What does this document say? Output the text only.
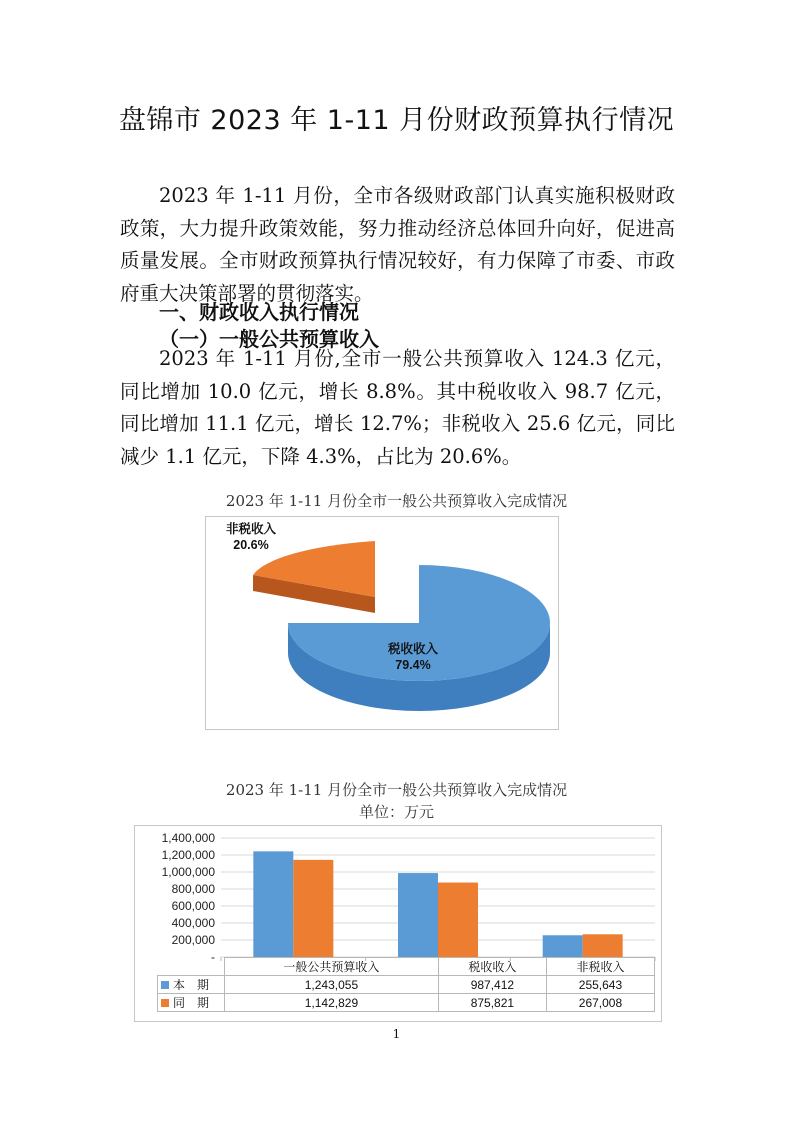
盘锦市 2023 年 1-11 月份财政预算执行情况

2023 年 1-11 月份，全市各级财政部门认真实施积极财政政策，大力提升政策效能，努力推动经济总体回升向好，促进高质量发展。全市财政预算执行情况较好，有力保障了市委、市政府重大决策部署的贯彻落实。

一、财政收入执行情况
（一）一般公共预算收入

2023 年 1-11 月份,全市一般公共预算收入 124.3 亿元，同比增加 10.0 亿元，增长 8.8%。其中税收收入 98.7 亿元，同比增加 11.1 亿元，增长 12.7%；非税收入 25.6 亿元，同比减少 1.1 亿元，下降 4.3%，占比为 20.6%。

2023 年 1-11 月份全市一般公共预算收入完成情况
非税收入
20.6%
税收收入
79.4%
2023 年 1-11 月份全市一般公共预算收入完成情况
单位：万元
-
200,000
400,000
600,000
800,000
1,000,000
1,200,000
1,400,000
	一般公共预算收入	税收收入	非税收入
本　期	1,243,055	987,412	255,643
同　期	1,142,829	875,821	267,008
1
